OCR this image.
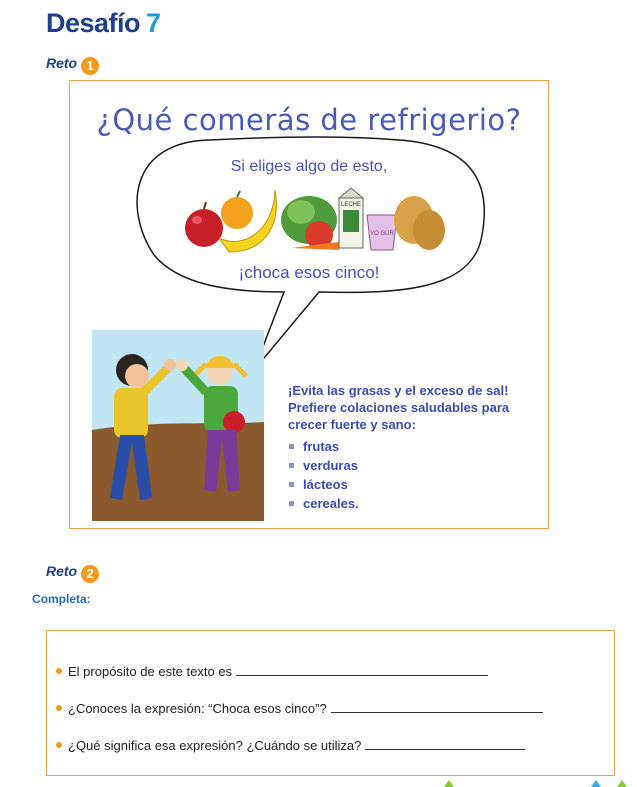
Desafío 7
Reto 1
¿Qué comerás de refrigerio?
LECHE
YO GUR
Si eliges algo de esto,
¡choca esos cinco!
¡Evita las grasas y el exceso de sal!
Prefiere colaciones saludables para
crecer fuerte y sano:
frutas
verduras
lácteos
cereales.
Reto 2
Completa:
El propósito de este texto es
¿Conoces la expresión: “Choca esos cinco”?
¿Qué significa esa expresión? ¿Cuándo se utiliza?
